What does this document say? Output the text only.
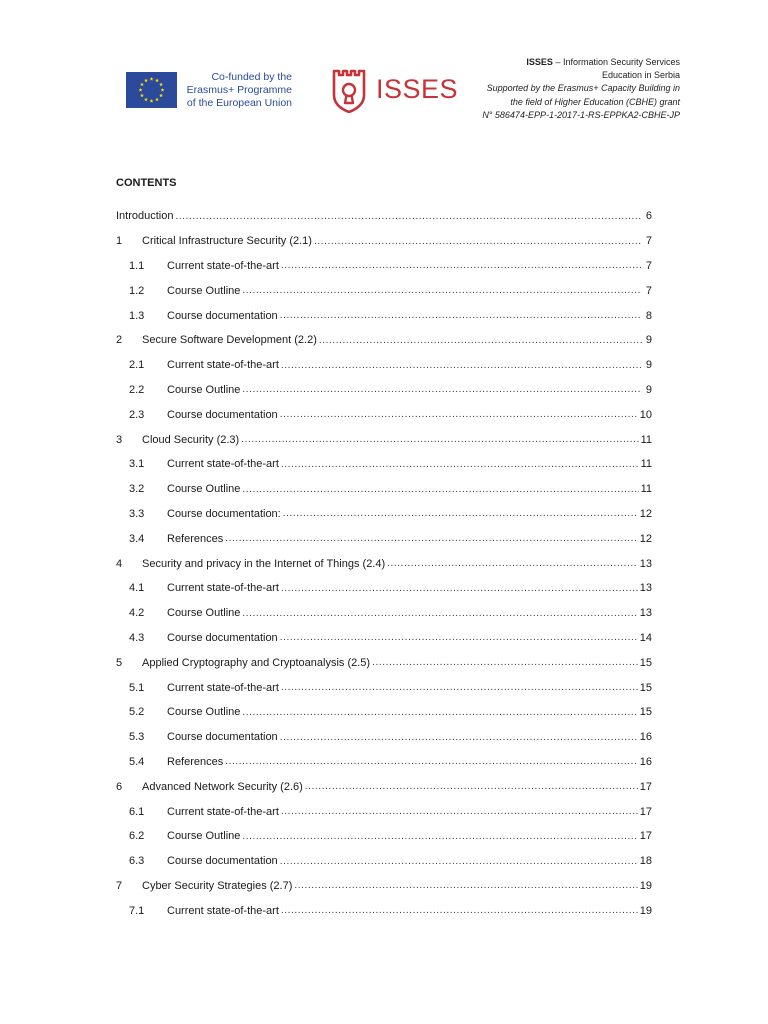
Co-funded by the
Erasmus+ Programme
of the European Union	ISSES
ISSES – Information Security Services
Education in Serbia
Supported by the Erasmus+ Capacity Building in
the field of Higher Education (CBHE) grant
N° 586474-EPP-1-2017-1-RS-EPPKA2-CBHE-JP
CONTENTS
Introduction .....	6
1	Critical Infrastructure Security (2.1) .....	7
1.1	Current state-of-the-art .....	7
1.2	Course Outline .....	7
1.3	Course documentation .....	8
2	Secure Software Development (2.2) .....	9
2.1	Current state-of-the-art .....	9
2.2	Course Outline .....	9
2.3	Course documentation .....	10
3	Cloud Security (2.3) .....	11
3.1	Current state-of-the-art .....	11
3.2	Course Outline .....	11
3.3	Course documentation: .....	12
3.4	References .....	12
4	Security and privacy in the Internet of Things (2.4) .....	13
4.1	Current state-of-the-art .....	13
4.2	Course Outline .....	13
4.3	Course documentation .....	14
5	Applied Cryptography and Cryptoanalysis (2.5) .....	15
5.1	Current state-of-the-art .....	15
5.2	Course Outline .....	15
5.3	Course documentation .....	16
5.4	References .....	16
6	Advanced Network Security (2.6) .....	17
6.1	Current state-of-the-art .....	17
6.2	Course Outline .....	17
6.3	Course documentation .....	18
7	Cyber Security Strategies (2.7) .....	19
7.1	Current state-of-the-art .....	19
